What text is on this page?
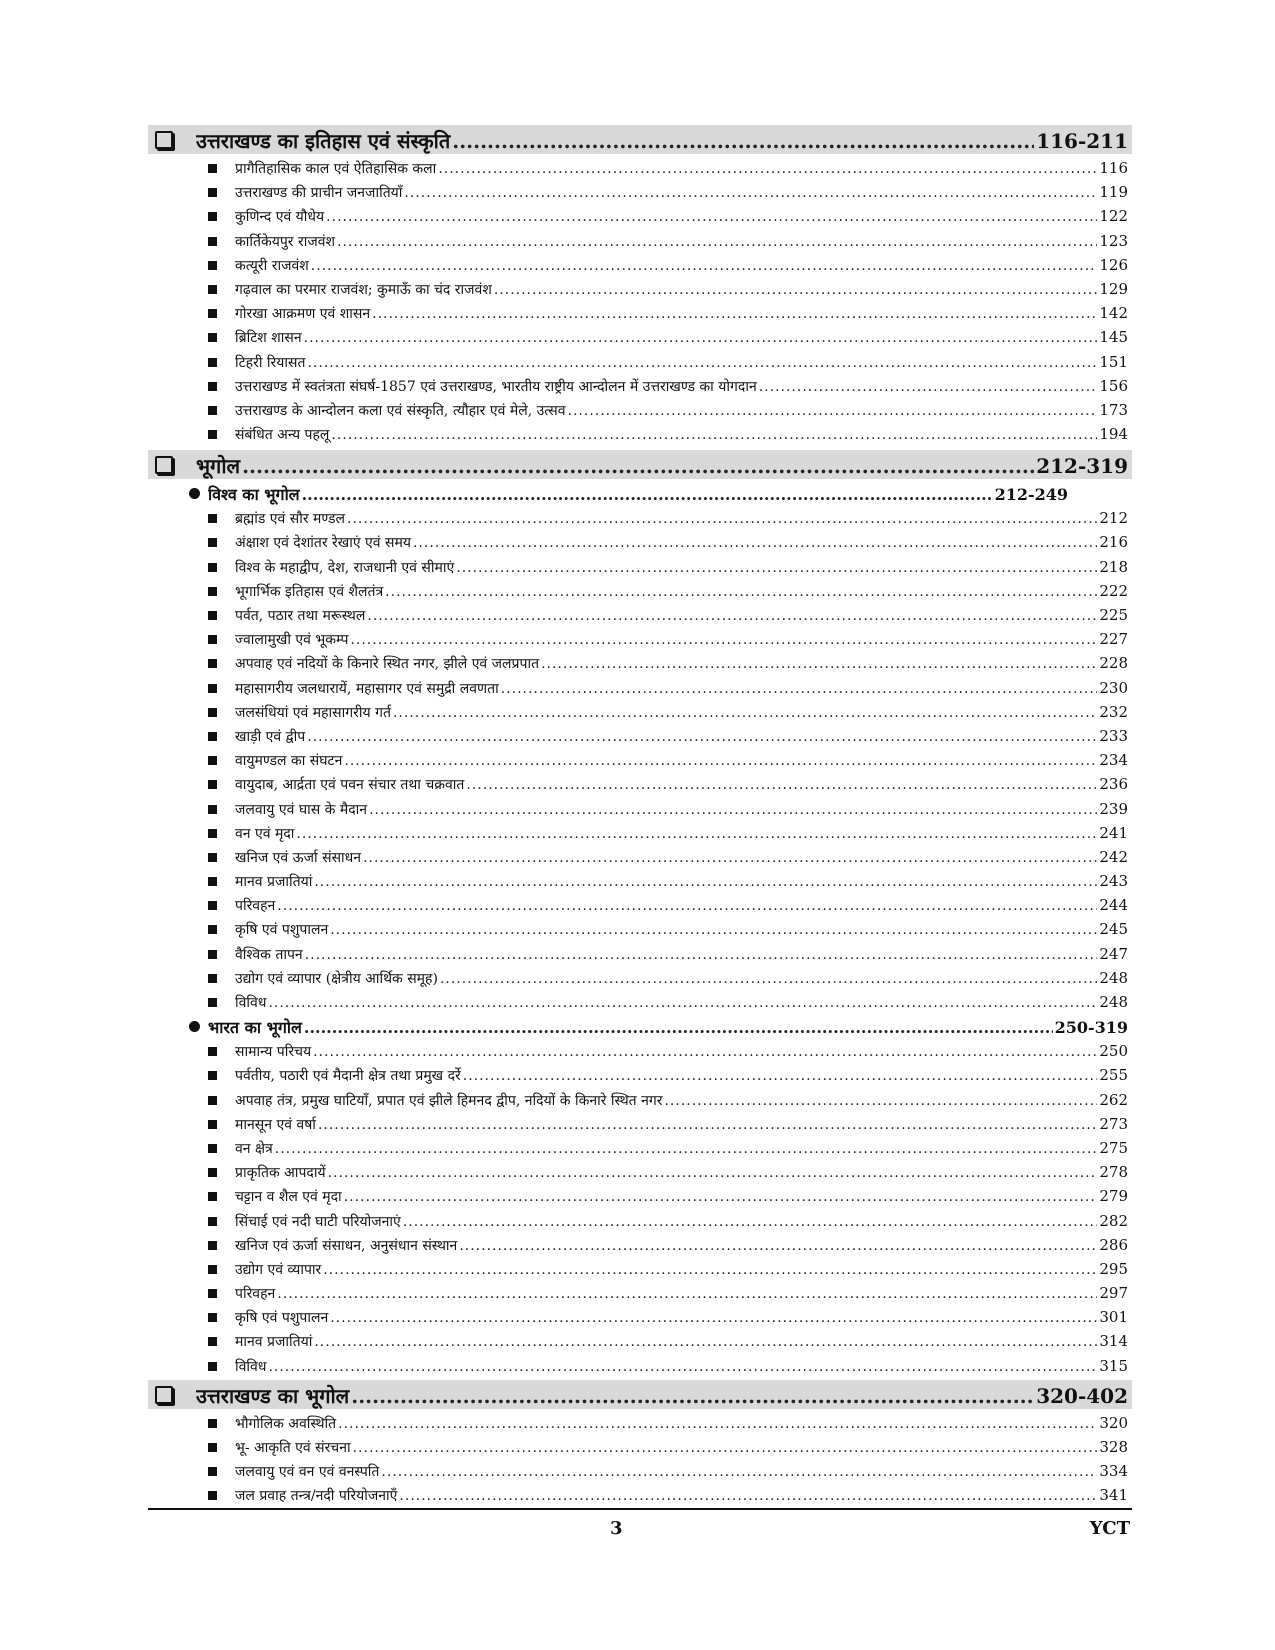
उत्तराखण्ड का इतिहास एवं संस्कृति .....	116-211
प्रागैतिहासिक काल एवं ऐतिहासिक कला .....	116
उत्तराखण्ड की प्राचीन जनजातियाँ .....	119
कुणिन्द एवं यौधेय .....	122
कार्तिकेयपुर राजवंश .....	123
कत्यूरी राजवंश .....	126
गढ़वाल का परमार राजवंश; कुमाऊँ का चंद राजवंश .....	129
गोरखा आक्रमण एवं शासन .....	142
ब्रिटिश शासन .....	145
टिहरी रियासत .....	151
उत्तराखण्ड में स्वतंत्रता संघर्ष-1857 एवं उत्तराखण्ड, भारतीय राष्ट्रीय आन्दोलन में उत्तराखण्ड का योगदान .....	156
उत्तराखण्ड के आन्दोलन कला एवं संस्कृति, त्यौहार एवं मेले, उत्सव .....	173
संबंधित अन्य पहलू .....	194
भूगोल .....	212-319
विश्व का भूगोल .....	212-249
ब्रह्मांड एवं सौर मण्डल .....	212
अंक्षाश एवं देशांतर रेखाएं एवं समय .....	216
विश्व के महाद्वीप, देश, राजधानी एवं सीमाएं .....	218
भूगार्भिक इतिहास एवं शैलतंत्र .....	222
पर्वत, पठार तथा मरूस्थल .....	225
ज्वालामुखी एवं भूकम्प .....	227
अपवाह एवं नदियों के किनारे स्थित नगर, झीले एवं जलप्रपात .....	228
महासागरीय जलधारायें, महासागर एवं समुद्री लवणता .....	230
जलसंधियां एवं महासागरीय गर्त .....	232
खाड़ी एवं द्वीप .....	233
वायुमण्डल का संघटन .....	234
वायुदाब, आर्द्रता एवं पवन संचार तथा चक्रवात .....	236
जलवायु एवं घास के मैदान .....	239
वन एवं मृदा .....	241
खनिज एवं ऊर्जा संसाधन .....	242
मानव प्रजातियां .....	243
परिवहन .....	244
कृषि एवं पशुपालन .....	245
वैश्विक तापन .....	247
उद्योग एवं व्यापार (क्षेत्रीय आर्थिक समूह) .....	248
विविध .....	248
भारत का भूगोल .....	250-319
सामान्य परिचय .....	250
पर्वतीय, पठारी एवं मैदानी क्षेत्र तथा प्रमुख दर्रे .....	255
अपवाह तंत्र, प्रमुख घाटियाँ, प्रपात एवं झीले हिमनद द्वीप, नदियों के किनारे स्थित नगर .....	262
मानसून एवं वर्षा .....	273
वन क्षेत्र .....	275
प्राकृतिक आपदायें .....	278
चट्टान व शैल एवं मृदा .....	279
सिंचाई एवं नदी घाटी परियोजनाएं .....	282
खनिज एवं ऊर्जा संसाधन, अनुसंधान संस्थान .....	286
उद्योग एवं व्यापार .....	295
परिवहन .....	297
कृषि एवं पशुपालन .....	301
मानव प्रजातियां .....	314
विविध .....	315
उत्तराखण्ड का भूगोल .....	320-402
भौगोलिक अवस्थिति .....	320
भू- आकृति एवं संरचना .....	328
जलवायु एवं वन एवं वनस्पति .....	334
जल प्रवाह तन्त्र/नदी परियोजनाएँ .....	341
3	YCT
